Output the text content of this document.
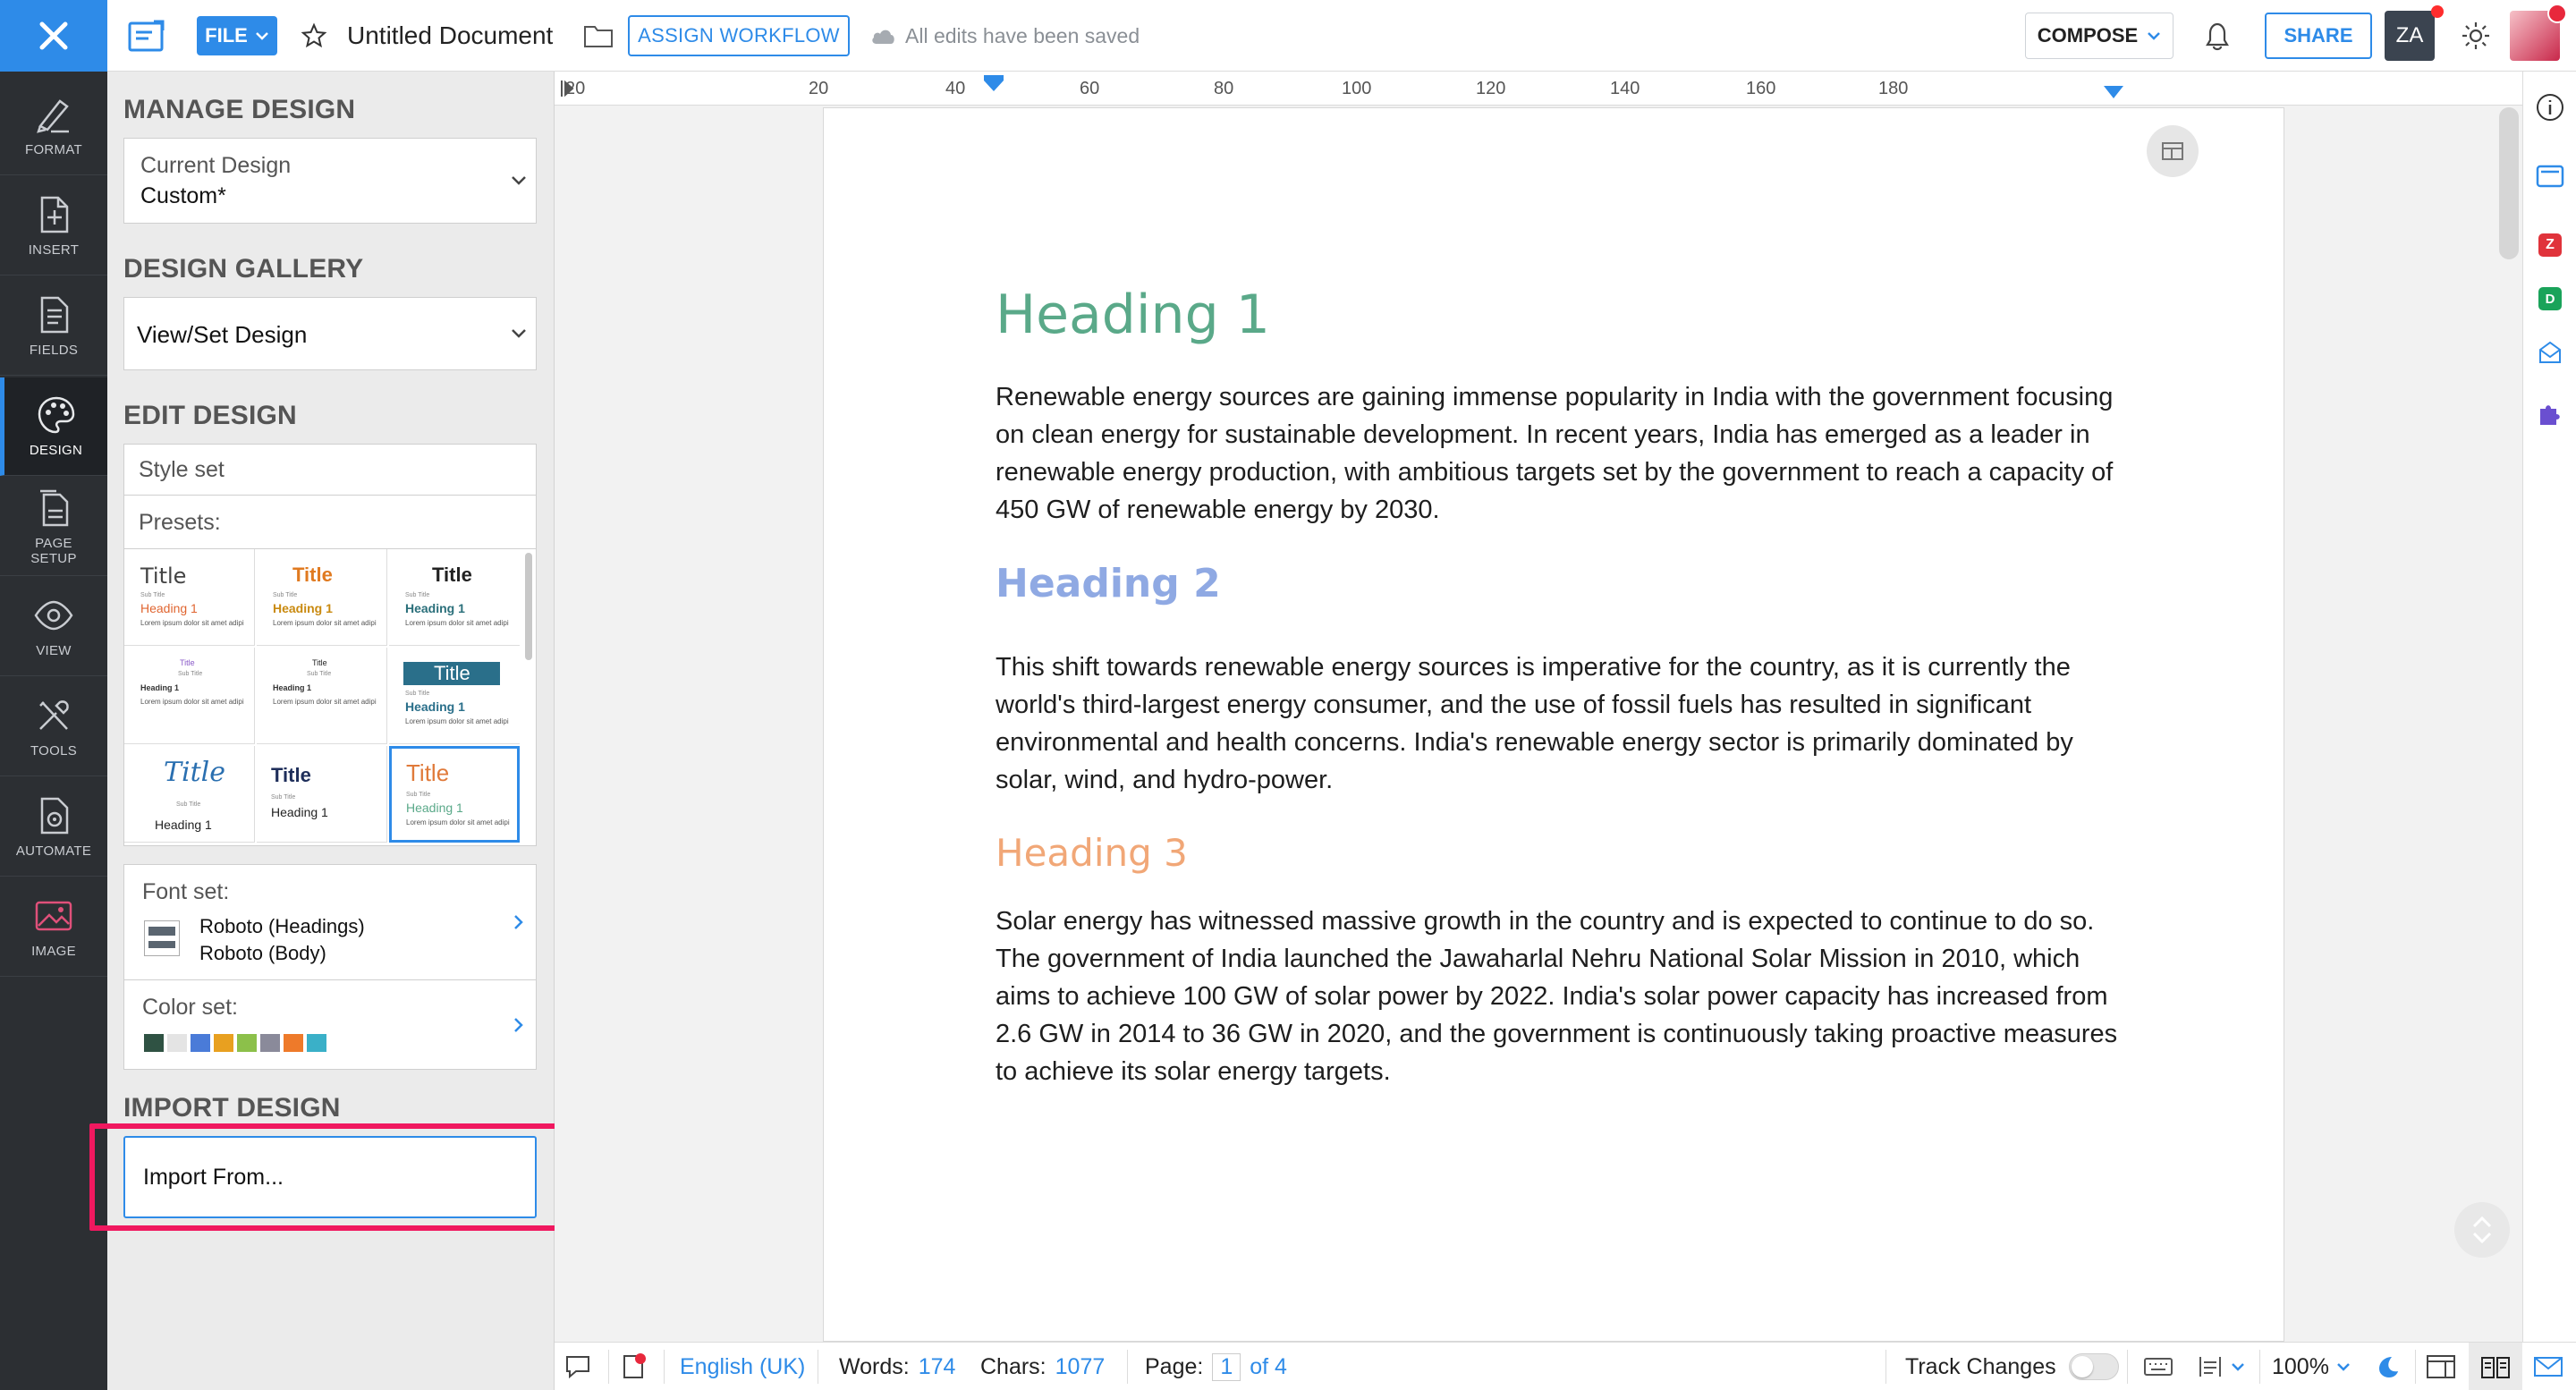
FORMAT
INSERT
FIELDS
DESIGN
PAGE
SETUP
VIEW
TOOLS
AUTOMATE
IMAGE
FILE	Untitled Document	ASSIGN WORKFLOW	All edits have been saved	COMPOSE	SHARE	ZA
MANAGE DESIGN
Current Design
Custom*
DESIGN GALLERY
View/Set Design
EDIT DESIGN
Style set
Presets:
Title
Sub Title
Heading 1
Lorem ipsum dolor sit amet adipi
Title
Sub Title
Heading 1
Lorem ipsum dolor sit amet adipi
Title
Sub Title
Heading 1
Lorem ipsum dolor sit amet adipi
Title
Sub Title
Heading 1
Lorem ipsum dolor sit amet adipi
Title
Sub Title
Heading 1
Lorem ipsum dolor sit amet adipi
Title
Sub Title
Heading 1
Lorem ipsum dolor sit amet adipi
Title
Sub Title
Heading 1
Title
Sub Title
Heading 1
Title
Sub Title
Heading 1
Lorem ipsum dolor sit amet adipi
Font set:
Roboto (Headings)
Roboto (Body)
Color set:
IMPORT DESIGN
Import From...
20	20	40	60	80	100	120	140	160	180
Heading 1
Renewable energy sources are gaining immense popularity in India with the government focusing on clean energy for sustainable development. In recent years, India has emerged as a leader in renewable energy production, with ambitious targets set by the government to reach a capacity of 450 GW of renewable energy by 2030.
Heading 2
This shift towards renewable energy sources is imperative for the country, as it is currently the world's third-largest energy consumer, and the use of fossil fuels has resulted in significant environmental and health concerns. India's renewable energy sector is primarily dominated by solar, wind, and hydro-power.
Heading 3
Solar energy has witnessed massive growth in the country and is expected to continue to do so. The government of India launched the Jawaharlal Nehru National Solar Mission in 2010, which aims to achieve 100 GW of solar power by 2022. India's solar power capacity has increased from 2.6 GW in 2014 to 36 GW in 2020, and the government is continuously taking proactive measures to achieve its solar energy targets.
Z
D
English (UK) Words: 174 Chars: 1077 Page: 1 of 4	Track Changes	100%
